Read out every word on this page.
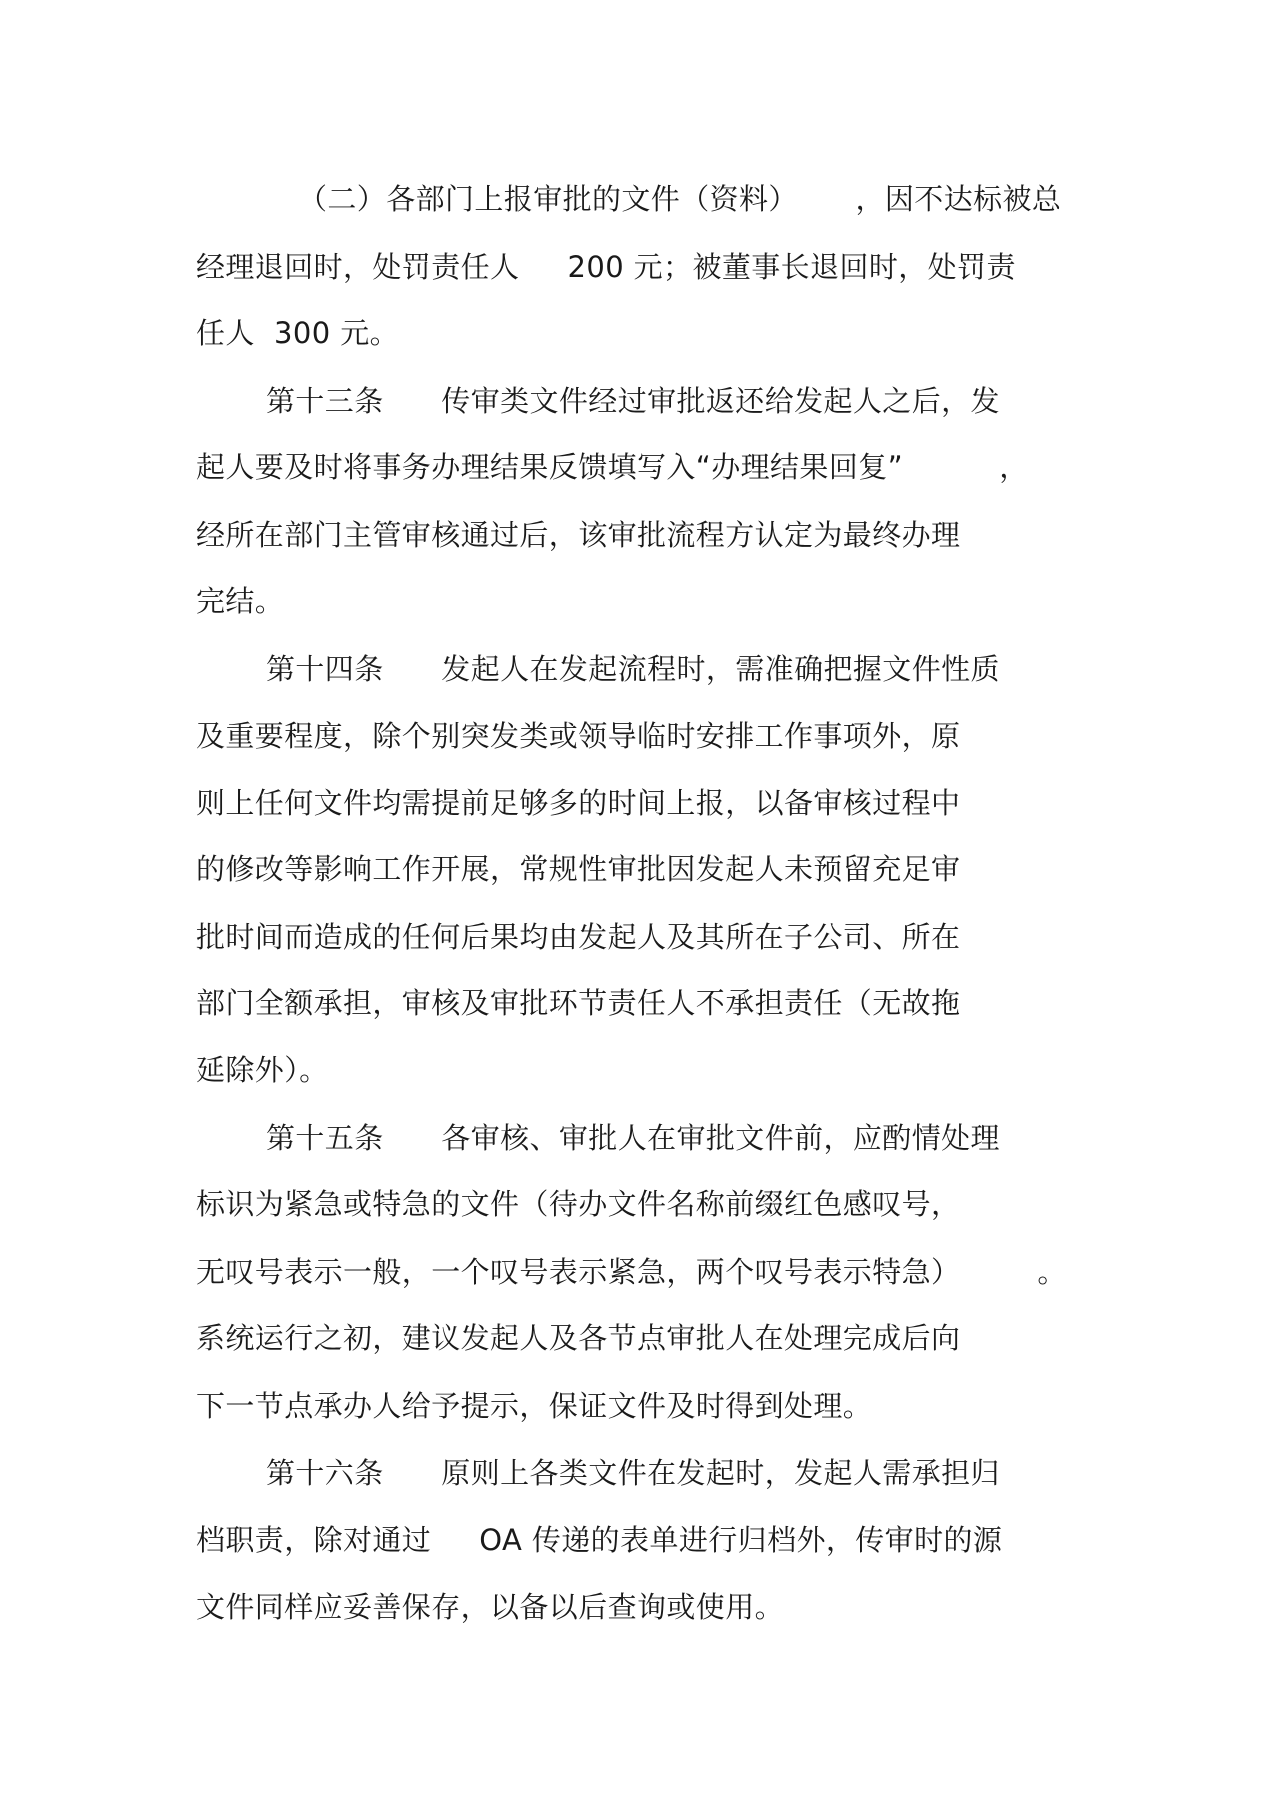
（二）各部门上报审批的文件（资料）      ，因不达标被总
经理退回时，处罚责任人     200 元；被董事长退回时，处罚责
任人  300 元。
第十三条      传审类文件经过审批返还给发起人之后，发
起人要及时将事务办理结果反馈填写入“办理结果回复”          ，
经所在部门主管审核通过后，该审批流程方认定为最终办理
完结。
第十四条      发起人在发起流程时，需准确把握文件性质
及重要程度，除个别突发类或领导临时安排工作事项外，原
则上任何文件均需提前足够多的时间上报，以备审核过程中
的修改等影响工作开展，常规性审批因发起人未预留充足审
批时间而造成的任何后果均由发起人及其所在子公司、所在
部门全额承担，审核及审批环节责任人不承担责任（无故拖
延除外）。
第十五条      各审核、审批人在审批文件前，应酌情处理
标识为紧急或特急的文件（待办文件名称前缀红色感叹号，
无叹号表示一般，一个叹号表示紧急，两个叹号表示特急）        。
系统运行之初，建议发起人及各节点审批人在处理完成后向
下一节点承办人给予提示，保证文件及时得到处理。
第十六条      原则上各类文件在发起时，发起人需承担归
档职责，除对通过     OA 传递的表单进行归档外，传审时的源
文件同样应妥善保存，以备以后查询或使用。
